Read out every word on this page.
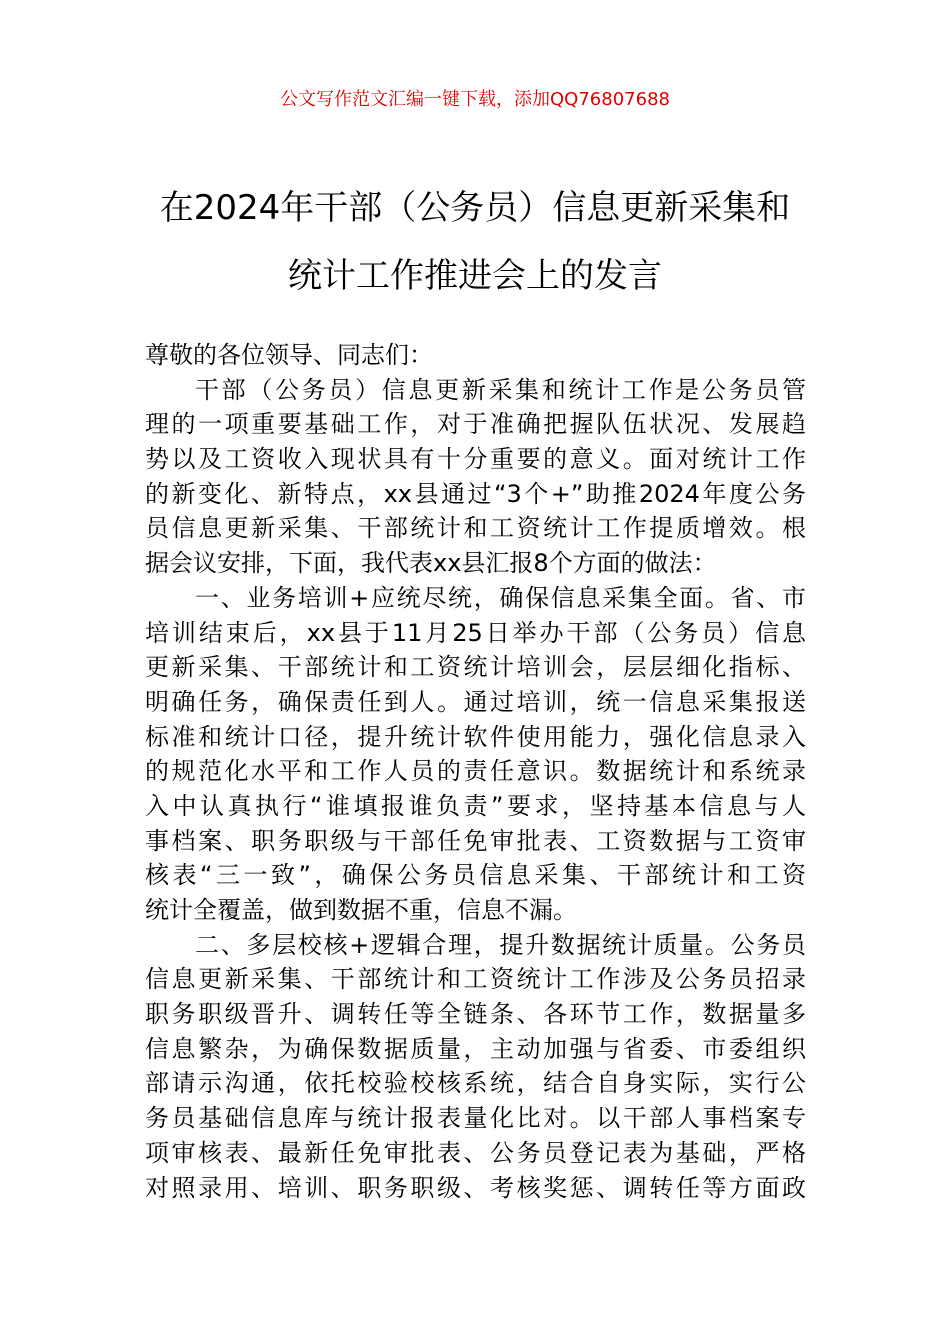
公文写作范文汇编一键下载，添加QQ76807688
在2024年干部（公务员）信息更新采集和
统计工作推进会上的发言
尊敬的各位领导、同志们：
干部（公务员）信息更新采集和统计工作是公务员管
理的一项重要基础工作，对于准确把握队伍状况、发展趋
势以及工资收入现状具有十分重要的意义。面对统计工作
的新变化、新特点，xx县通过“3个+”助推2024年度公务
员信息更新采集、干部统计和工资统计工作提质增效。根
据会议安排，下面，我代表xx县汇报8个方面的做法：
一、业务培训+应统尽统，确保信息采集全面。省、市
培训结束后，xx县于11月25日举办干部（公务员）信息
更新采集、干部统计和工资统计培训会，层层细化指标、
明确任务，确保责任到人。通过培训，统一信息采集报送
标准和统计口径，提升统计软件使用能力，强化信息录入
的规范化水平和工作人员的责任意识。数据统计和系统录
入中认真执行“谁填报谁负责”要求，坚持基本信息与人
事档案、职务职级与干部任免审批表、工资数据与工资审
核表“三一致”，确保公务员信息采集、干部统计和工资
统计全覆盖，做到数据不重，信息不漏。
二、多层校核+逻辑合理，提升数据统计质量。公务员
信息更新采集、干部统计和工资统计工作涉及公务员招录
职务职级晋升、调转任等全链条、各环节工作，数据量多
信息繁杂，为确保数据质量，主动加强与省委、市委组织
部请示沟通，依托校验校核系统，结合自身实际，实行公
务员基础信息库与统计报表量化比对。以干部人事档案专
项审核表、最新任免审批表、公务员登记表为基础，严格
对照录用、培训、职务职级、考核奖惩、调转任等方面政
